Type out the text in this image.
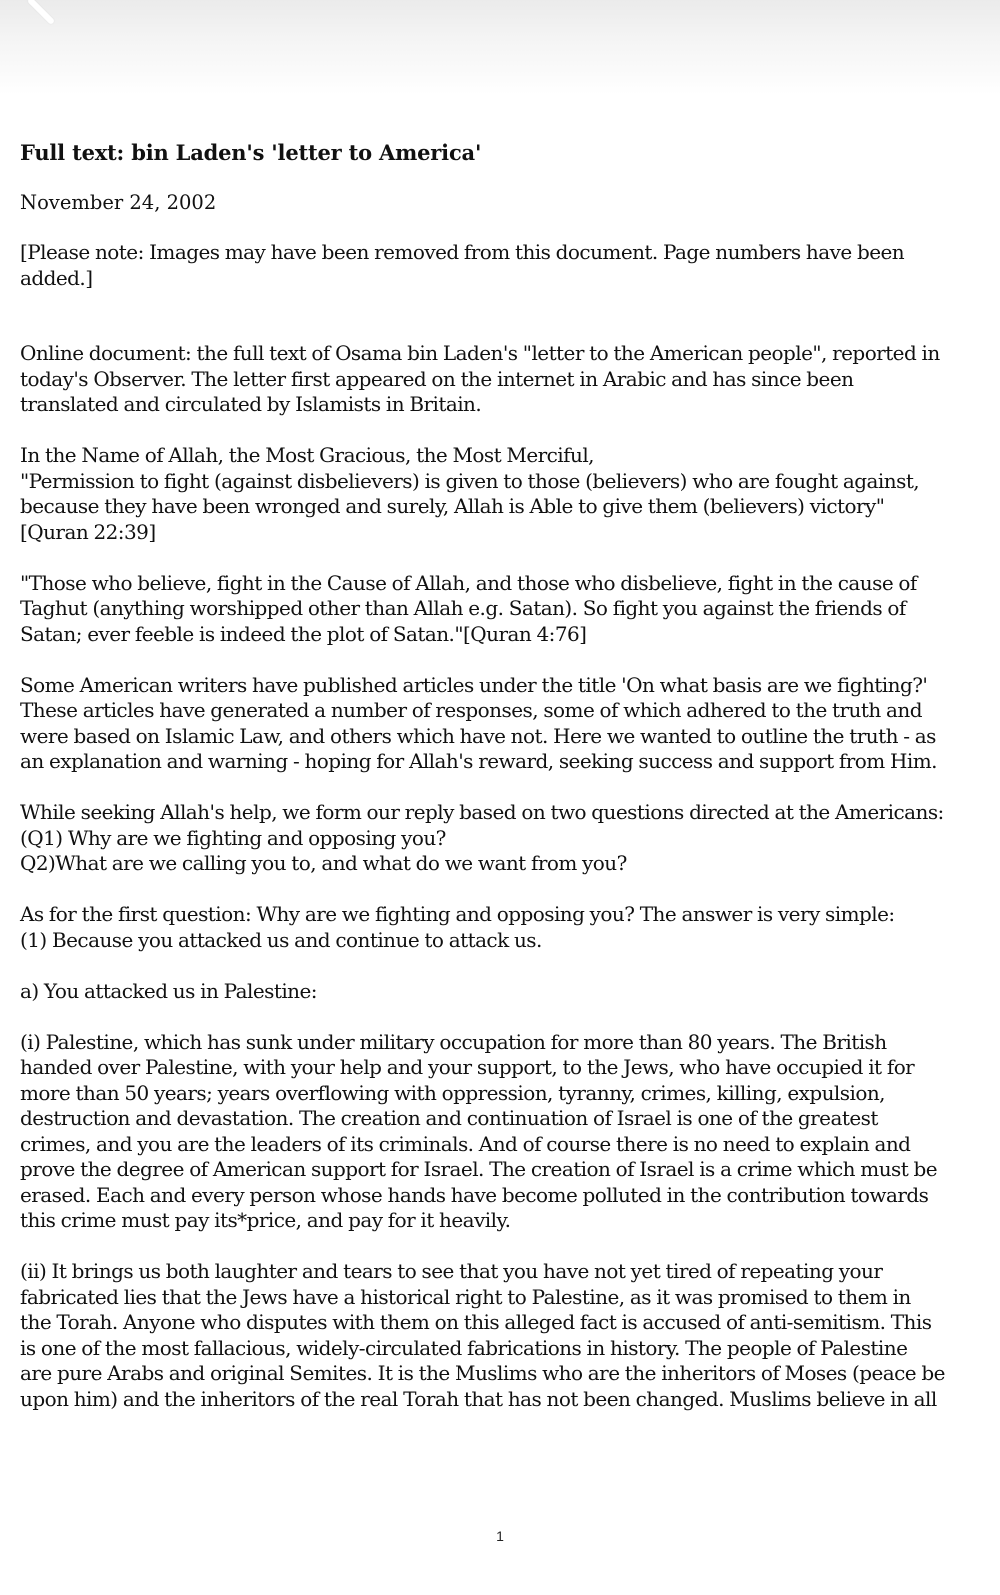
Full text: bin Laden's 'letter to America'
November 24, 2002

[Please note: Images may have been removed from this document. Page numbers have been
added.]

Online document: the full text of Osama bin Laden's "letter to the American people", reported in
today's Observer. The letter first appeared on the internet in Arabic and has since been
translated and circulated by Islamists in Britain.

In the Name of Allah, the Most Gracious, the Most Merciful,
"Permission to fight (against disbelievers) is given to those (believers) who are fought against,
because they have been wronged and surely, Allah is Able to give them (believers) victory"
[Quran 22:39]

"Those who believe, fight in the Cause of Allah, and those who disbelieve, fight in the cause of
Taghut (anything worshipped other than Allah e.g. Satan). So fight you against the friends of
Satan; ever feeble is indeed the plot of Satan."[Quran 4:76]

Some American writers have published articles under the title 'On what basis are we fighting?'
These articles have generated a number of responses, some of which adhered to the truth and
were based on Islamic Law, and others which have not. Here we wanted to outline the truth - as
an explanation and warning - hoping for Allah's reward, seeking success and support from Him.

While seeking Allah's help, we form our reply based on two questions directed at the Americans:
(Q1) Why are we fighting and opposing you?
Q2)What are we calling you to, and what do we want from you?

As for the first question: Why are we fighting and opposing you? The answer is very simple:
(1) Because you attacked us and continue to attack us.

a) You attacked us in Palestine:

(i) Palestine, which has sunk under military occupation for more than 80 years. The British
handed over Palestine, with your help and your support, to the Jews, who have occupied it for
more than 50 years; years overflowing with oppression, tyranny, crimes, killing, expulsion,
destruction and devastation. The creation and continuation of Israel is one of the greatest
crimes, and you are the leaders of its criminals. And of course there is no need to explain and
prove the degree of American support for Israel. The creation of Israel is a crime which must be
erased. Each and every person whose hands have become polluted in the contribution towards
this crime must pay its*price, and pay for it heavily.

(ii) It brings us both laughter and tears to see that you have not yet tired of repeating your
fabricated lies that the Jews have a historical right to Palestine, as it was promised to them in
the Torah. Anyone who disputes with them on this alleged fact is accused of anti-semitism. This
is one of the most fallacious, widely-circulated fabrications in history. The people of Palestine
are pure Arabs and original Semites. It is the Muslims who are the inheritors of Moses (peace be
upon him) and the inheritors of the real Torah that has not been changed. Muslims believe in all

1
